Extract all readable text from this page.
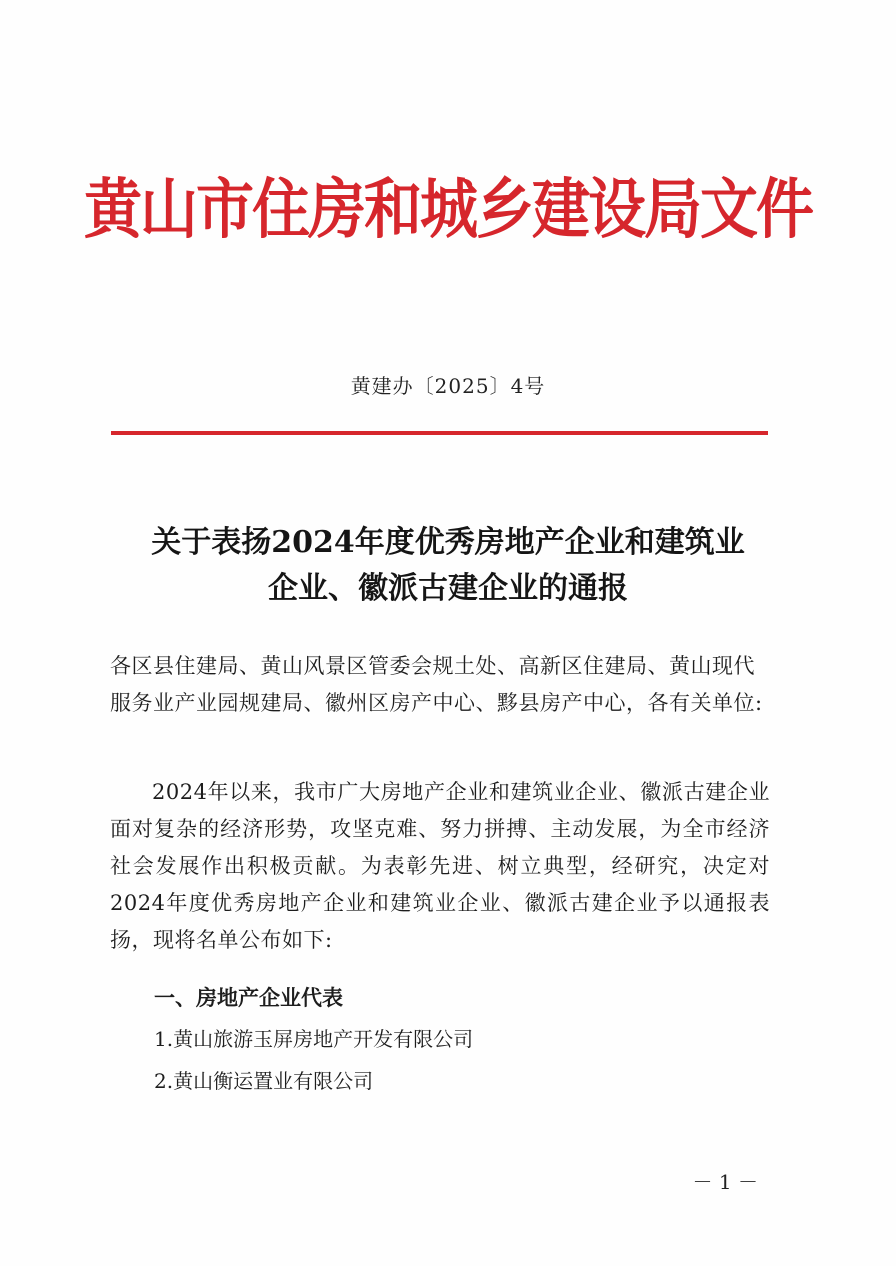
黄山市住房和城乡建设局文件
黄建办〔2025〕4号
关于表扬2024年度优秀房地产企业和建筑业
企业、徽派古建企业的通报
各区县住建局、黄山风景区管委会规土处、高新区住建局、黄山现代服务业产业园规建局、徽州区房产中心、黟县房产中心，各有关单位:
2024年以来，我市广大房地产企业和建筑业企业、徽派古建企业面对复杂的经济形势，攻坚克难、努力拼搏、主动发展，为全市经济社会发展作出积极贡献。为表彰先进、树立典型，经研究，决定对2024年度优秀房地产企业和建筑业企业、徽派古建企业予以通报表扬，现将名单公布如下:
一、房地产企业代表
1.黄山旅游玉屏房地产开发有限公司
2.黄山衡运置业有限公司
－ 1 －
